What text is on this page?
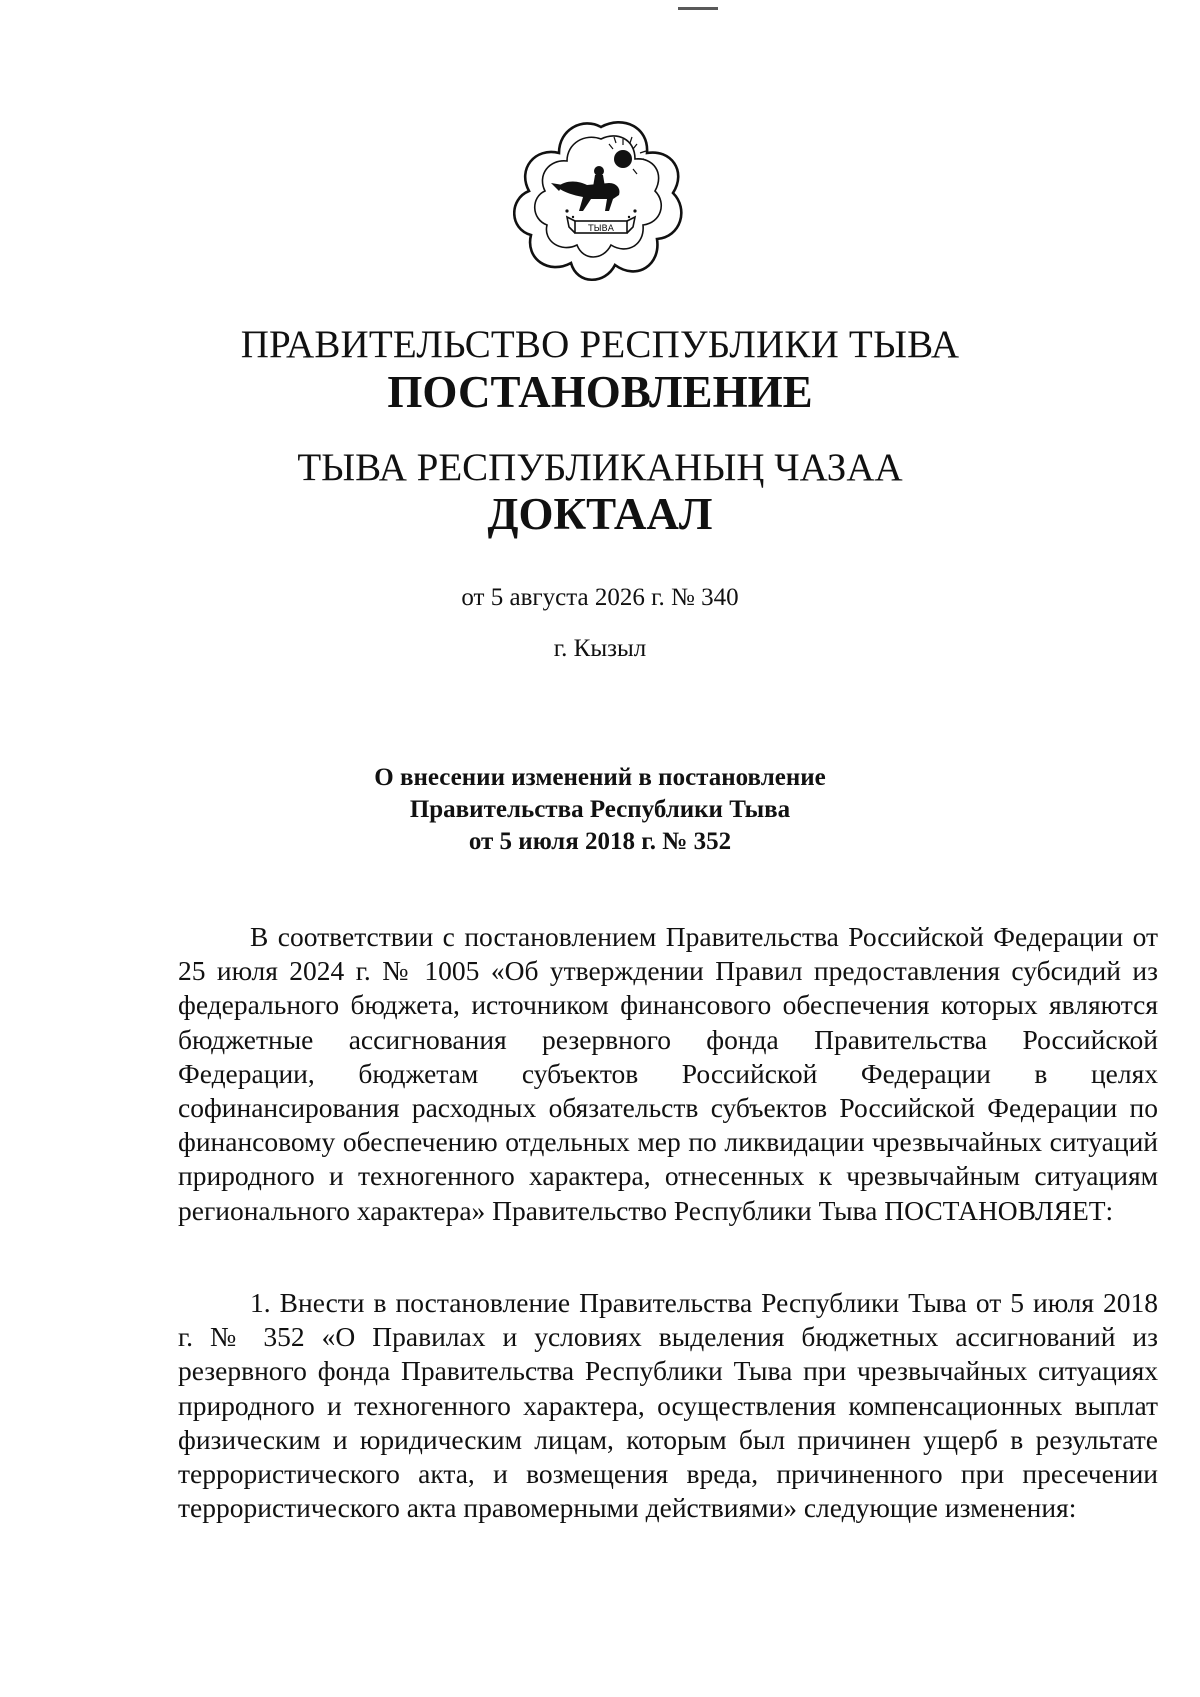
ТЫВА
ПРАВИТЕЛЬСТВО РЕСПУБЛИКИ ТЫВА
ПОСТАНОВЛЕНИЕ
ТЫВА РЕСПУБЛИКАНЫҢ ЧАЗАА
ДОКТААЛ
от 5 августа 2026 г. № 340
г. Кызыл
О внесении изменений в постановление
Правительства Республики Тыва
от 5 июля 2018 г. № 352

В соответствии с постановлением Правительства Российской Федерации от 25 июля 2024 г. № 1005 «Об утверждении Правил предоставления субсидий из федерального бюджета, источником финансового обеспечения которых являются бюджетные ассигнования резервного фонда Правительства Российской Федерации, бюджетам субъектов Российской Федерации в целях софинансирования расходных обязательств субъектов Российской Федерации по финансовому обеспечению отдельных мер по ликвидации чрезвычайных ситуаций природного и техногенного характера, отнесенных к чрезвычайным ситуациям регионального характера» Правительство Республики Тыва ПОСТАНОВЛЯЕТ:

1. Внести в постановление Правительства Республики Тыва от 5 июля 2018 г. № 352 «О Правилах и условиях выделения бюджетных ассигнований из резервного фонда Правительства Республики Тыва при чрезвычайных ситуациях природного и техногенного характера, осуществления компенсационных выплат физическим и юридическим лицам, которым был причинен ущерб в результате террористического акта, и возмещения вреда, причиненного при пресечении террористического акта правомерными действиями» следующие изменения:
